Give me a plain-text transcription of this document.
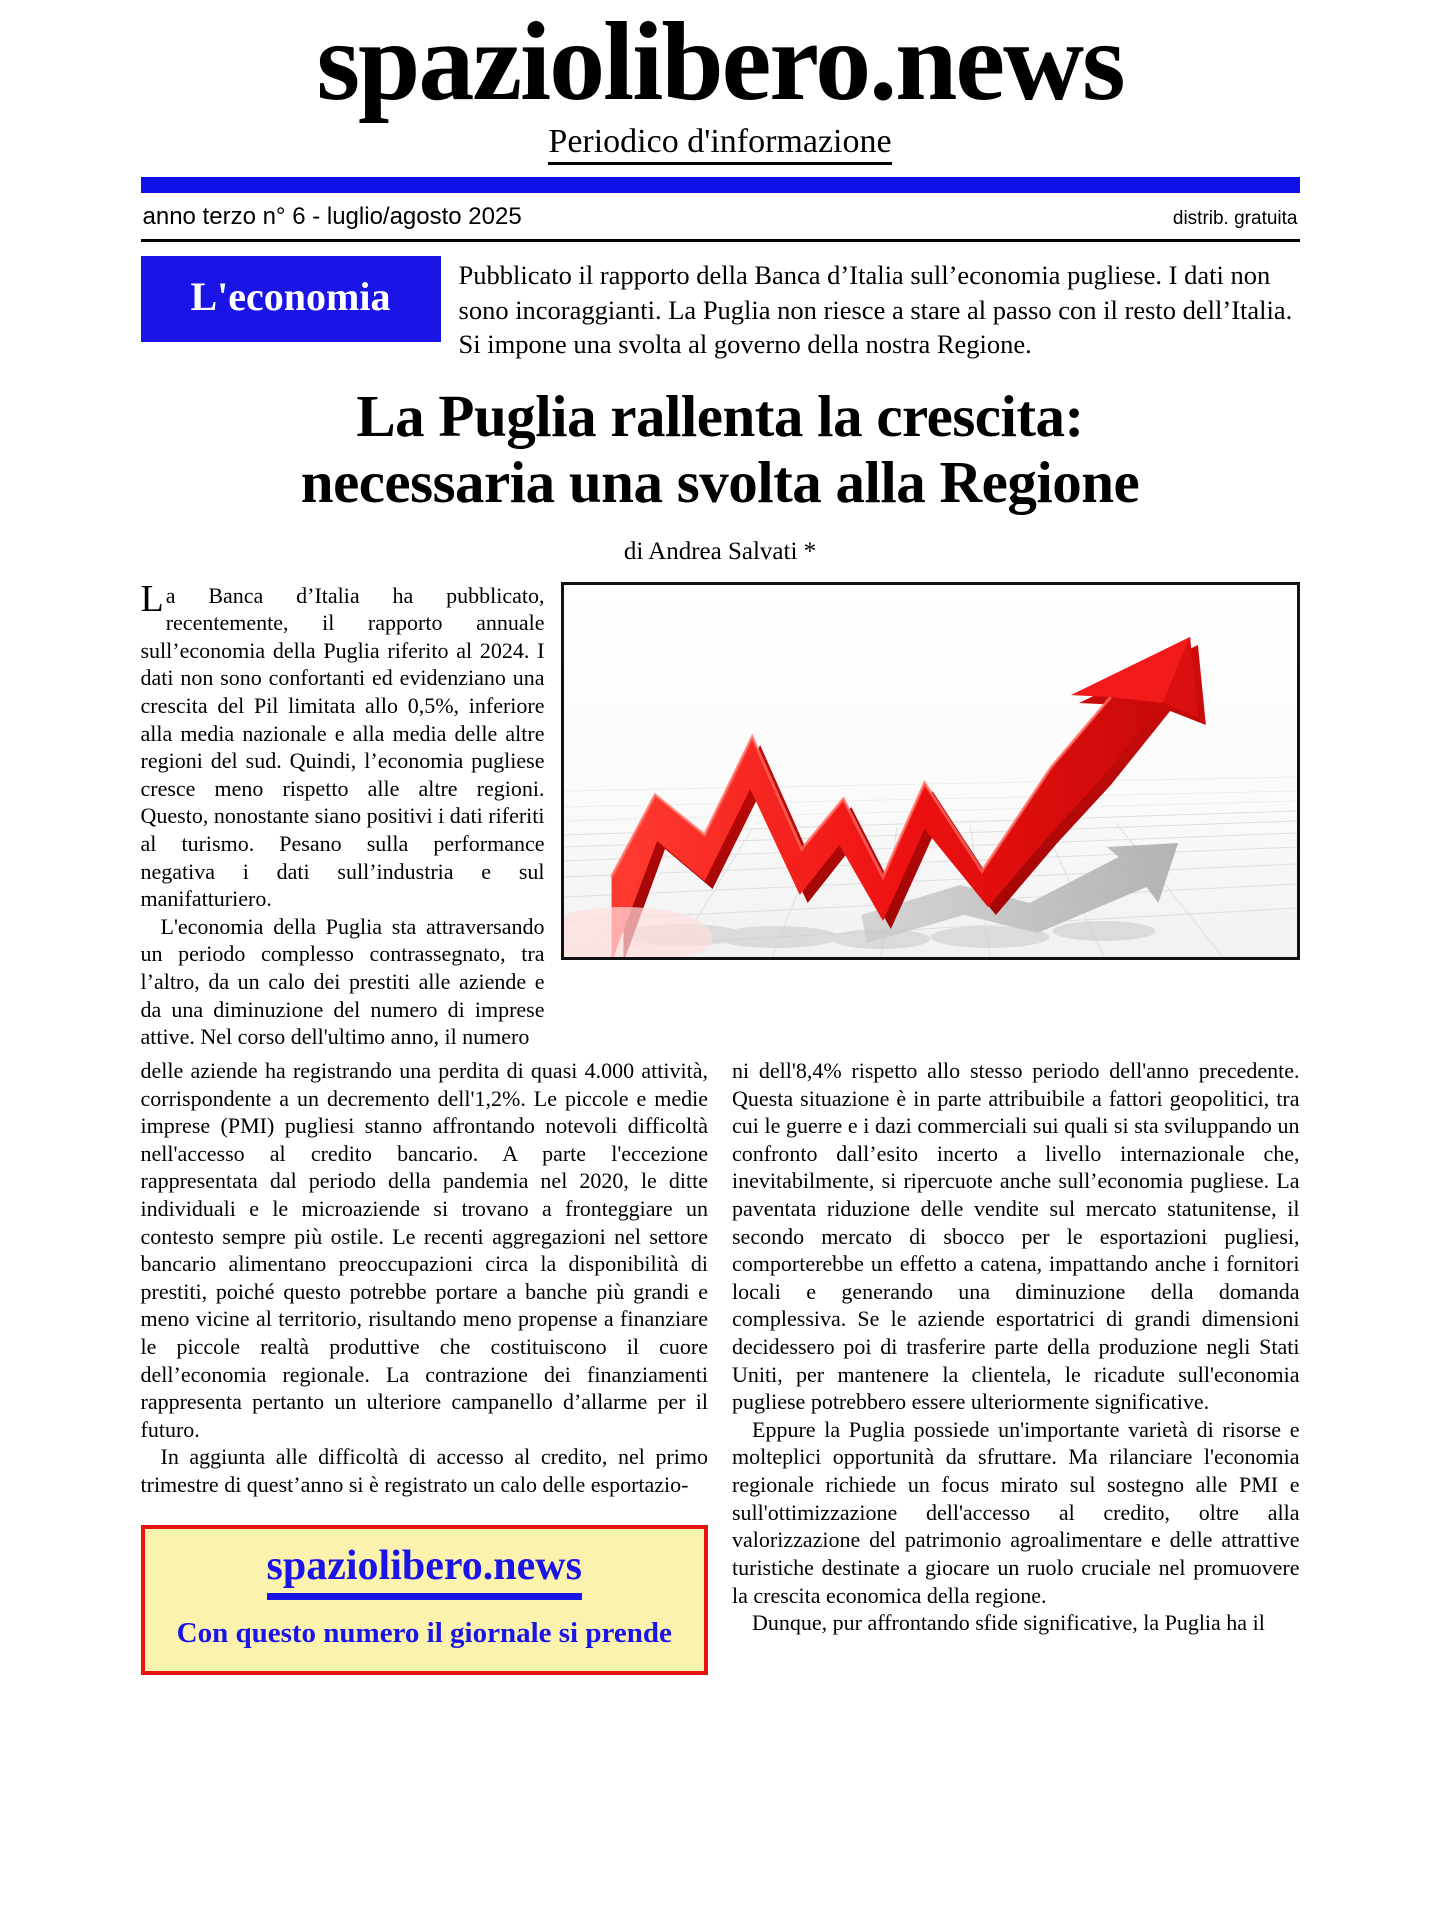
spaziolibero.news
Periodico d'informazione
anno terzo n° 6 - luglio/agosto 2025	distrib. gratuita
L'economia	Pubblicato il rapporto della Banca d’Italia sull’economia pugliese. I dati non sono incoraggianti. La Puglia non riesce a stare al passo con il resto dell’Italia. Si impone una svolta al governo della nostra Regione.
La Puglia rallenta la crescita:
necessaria una svolta alla Regione
di Andrea Salvati *

La Banca d’Italia ha pubblicato, recentemente, il rapporto annuale sull’economia della Puglia riferito al 2024. I dati non sono confortanti ed evidenziano una crescita del Pil limitata allo 0,5%, inferiore alla media nazionale e alla media delle altre regioni del sud. Quindi, l’economia pugliese cresce meno rispetto alle altre regioni. Questo, nonostante siano positivi i dati riferiti al turismo. Pesano sulla performance negativa i dati sull’industria e sul manifatturiero.

L'economia della Puglia sta attraversando un periodo complesso contrassegnato, tra l’altro, da un calo dei prestiti alle aziende e da una diminuzione del numero di imprese attive. Nel corso dell'ultimo anno, il numero

delle aziende ha registrando una perdita di quasi 4.000 attività, corrispondente a un decremento dell'1,2%. Le piccole e medie imprese (PMI) pugliesi stanno affrontando notevoli difficoltà nell'accesso al credito bancario. A parte l'eccezione rappresentata dal periodo della pandemia nel 2020, le ditte individuali e le microaziende si trovano a fronteggiare un contesto sempre più ostile. Le recenti aggregazioni nel settore bancario alimentano preoccupazioni circa la disponibilità di prestiti, poiché questo potrebbe portare a banche più grandi e meno vicine al territorio, risultando meno propense a finanziare le piccole realtà produttive che costituiscono il cuore dell’economia regionale. La contrazione dei finanziamenti rappresenta pertanto un ulteriore campanello d’allarme per il futuro.

In aggiunta alle difficoltà di accesso al credito, nel primo trimestre di quest’anno si è registrato un calo delle esportazio-

spaziolibero.news
Con questo numero il giornale si prende

ni dell'8,4% rispetto allo stesso periodo dell'anno precedente. Questa situazione è in parte attribuibile a fattori geopolitici, tra cui le guerre e i dazi commerciali sui quali si sta sviluppando un confronto dall’esito incerto a livello internazionale che, inevitabilmente, si ripercuote anche sull’economia pugliese. La paventata riduzione delle vendite sul mercato statunitense, il secondo mercato di sbocco per le esportazioni pugliesi, comporterebbe un effetto a catena, impattando anche i fornitori locali e generando una diminuzione della domanda complessiva. Se le aziende esportatrici di grandi dimensioni decidessero poi di trasferire parte della produzione negli Stati Uniti, per mantenere la clientela, le ricadute sull'economia pugliese potrebbero essere ulteriormente significative.

Eppure la Puglia possiede un'importante varietà di risorse e molteplici opportunità da sfruttare. Ma rilanciare l'economia regionale richiede un focus mirato sul sostegno alle PMI e sull'ottimizzazione dell'accesso al credito, oltre alla valorizzazione del patrimonio agroalimentare e delle attrattive turistiche destinate a giocare un ruolo cruciale nel promuovere la crescita economica della regione.

Dunque, pur affrontando sfide significative, la Puglia ha il
